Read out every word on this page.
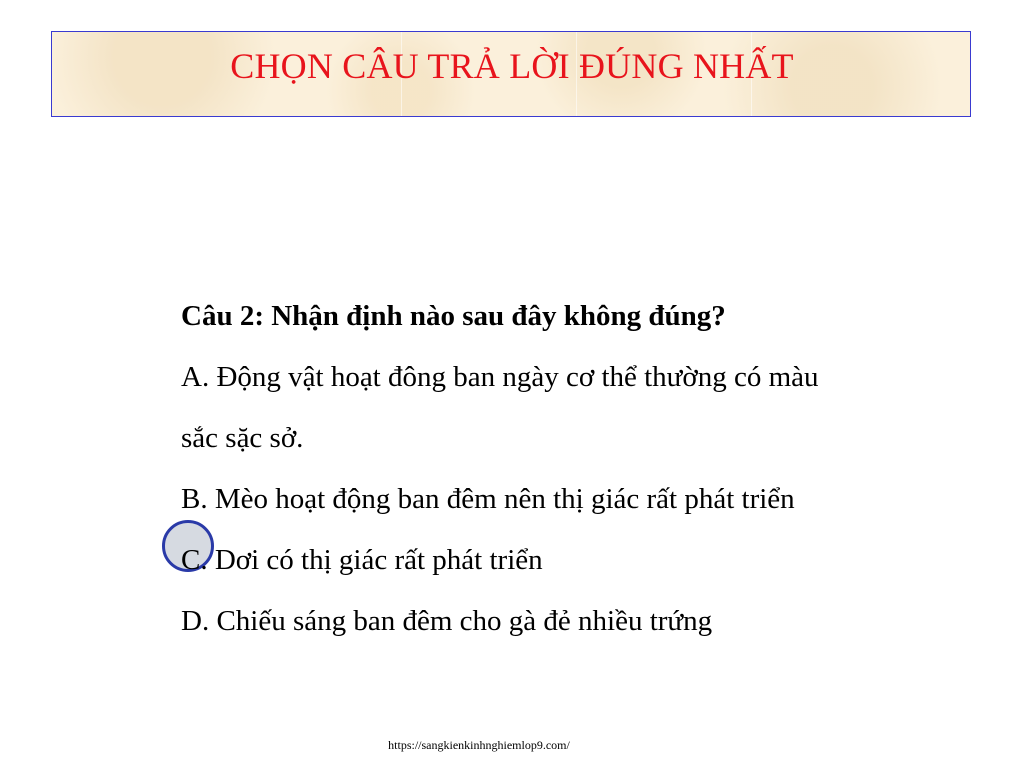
CHỌN CÂU TRẢ LỜI ĐÚNG NHẤT

Câu 2: Nhận định nào sau đây không đúng?

A. Động vật hoạt đông ban ngày cơ thể thường có màu

sắc sặc sở.

B. Mèo hoạt động ban đêm nên thị giác rất phát triển

C. Dơi có thị giác rất phát triển

D. Chiếu sáng ban đêm cho gà đẻ nhiều trứng

https://sangkienkinhnghiemlop9.com/
